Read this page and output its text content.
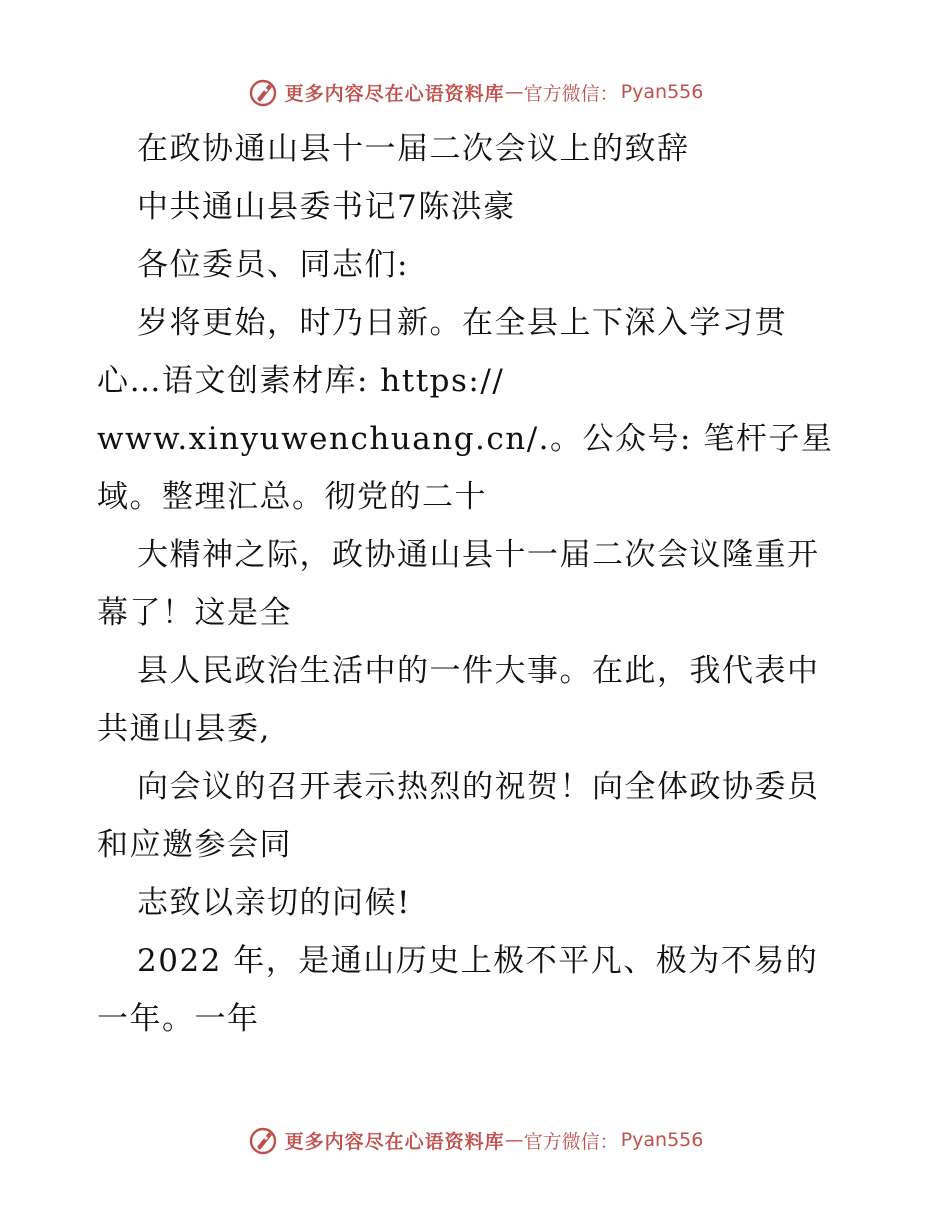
更多内容尽在心语资料库 — 官方微信： Pyan556
在政协通山县十一届二次会议上的致辞
中共通山县委书记7陈洪豪
各位委员、同志们:
岁将更始，时乃日新。在全县上下深入学习贯
心…语文创素材库: https://
www.xinyuwenchuang.cn/.。公众号: 笔杆子星
域。整理汇总。彻党的二十
大精神之际，政协通山县十一届二次会议隆重开
幕了！这是全
县人民政治生活中的一件大事。在此，我代表中
共通山县委,
向会议的召开表示热烈的祝贺！向全体政协委员
和应邀参会同
志致以亲切的问候!
2022 年，是通山历史上极不平凡、极为不易的
一年。一年
更多内容尽在心语资料库 — 官方微信： Pyan556
